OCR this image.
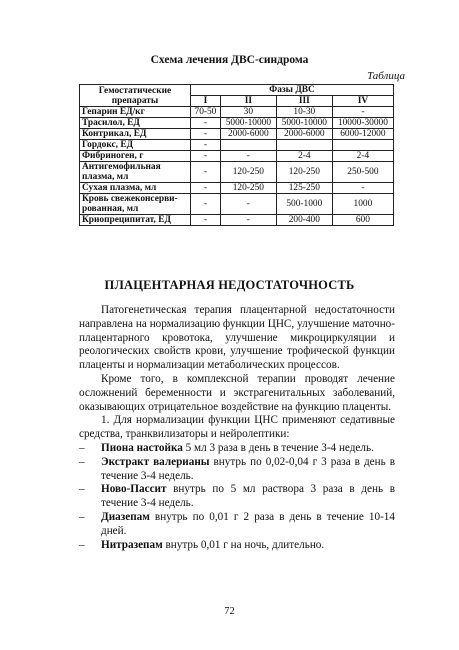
Схема лечения ДВС-синдрома
Таблица
Гемостатические
препараты	Фазы ДВС			
	I	II	III	IV
Гепарин ЕД/кг	70-50	30	10-30	-
Трасилол, ЕД	-	5000-10000	5000-10000	10000-30000
Контрикал, ЕД	-	2000-6000	2000-6000	6000-12000
Гордокс, ЕД	-			
Фибриноген, г	-	-	2-4	2-4
Антигемофильная
плазма, мл	-	120-250	120-250	250-500
Сухая плазма, мл	-	120-250	125-250	-
Кровь свежеконсерви-
рованная, мл	-	-	500-1000	1000
Криопреципитат, ЕД	-	-	200-400	600
ПЛАЦЕНТАРНАЯ НЕДОСТАТОЧНОСТЬ

Патогенетическая терапия плацентарной недостаточности направлена на нормализацию функции ЦНС, улучшение маточно-плацентарного кровотока, улучшение микроциркуляции и реологических свойств крови, улучшение трофической функции плаценты и нормализации метаболических процессов.

Кроме того, в комплексной терапии проводят лечение осложнений беременности и экстрагенитальных заболеваний, оказывающих отрицательное воздействие на функцию плаценты.

1. Для нормализации функции ЦНС применяют седативные средства, транквилизаторы и нейролептики:

– Пиона настойка 5 мл 3 раза в день в течение 3-4 недель.
– Экстракт валерианы внутрь по 0,02-0,04 г 3 раза в день в течение 3-4 недель.
– Ново-Пассит внутрь по 5 мл раствора 3 раза в день в течение 3-4 недель.
– Диазепам внутрь по 0,01 г 2 раза в день в течение 10-14 дней.
– Нитразепам внутрь 0,01 г на ночь, длительно.
72
